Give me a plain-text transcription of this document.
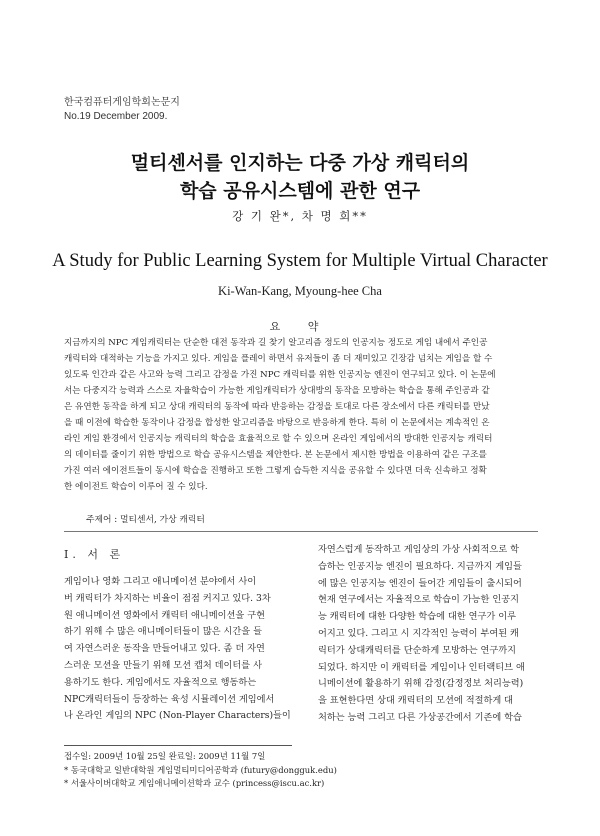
한국컴퓨터게임학회논문지
No.19 December 2009.
멀티센서를 인지하는 다중 가상 캐릭터의
학습 공유시스템에 관한 연구
강 기 완*, 차 명 희**
A Study for Public Learning System for Multiple Virtual Character
Ki-Wan-Kang, Myoung-hee Cha
요 약
지금까지의 NPC 게임캐릭터는 단순한 대전 동작과 길 찾기 알고리즘 정도의 인공지능 정도로 게임 내에서 주인공
캐릭터와 대적하는 기능을 가지고 있다. 게임을 플레이 하면서 유저들이 좀 더 재미있고 긴장감 넘치는 게임을 할 수
있도록 인간과 같은 사고와 능력 그리고 감정을 가진 NPC 캐릭터를 위한 인공지능 엔진이 연구되고 있다. 이 논문에
서는 다중지각 능력과 스스로 자율학습이 가능한 게임캐릭터가 상대방의 동작을 모방하는 학습을 통해 주인공과 같
은 유연한 동작을 하게 되고 상대 캐릭터의 동작에 따라 반응하는 감정을 토대로 다른 장소에서 다른 캐릭터를 만났
을 때 이전에 학습한 동작이나 감정을 합성한 알고리즘을 바탕으로 반응하게 한다. 특히 이 논문에서는 계속적인 온
라인 게임 환경에서 인공지능 캐릭터의 학습을 효율적으로 할 수 있으며 온라인 게임에서의 방대한 인공지능 캐릭터
의 데이터를 줄이기 위한 방법으로 학습 공유시스템을 제안한다. 본 논문에서 제시한 방법을 이용하여 같은 구조를
가진 여러 에이전트들이 동시에 학습을 진행하고 또한 그렇게 습득한 지식을 공유할 수 있다면 더욱 신속하고 정확
한 에이전트 학습이 이루어 질 수 있다.
주제어 : 멀티센서, 가상 캐릭터
I. 서 론
게임이나 영화 그리고 애니메이션 분야에서 사이
버 캐릭터가 차지하는 비율이 점점 커지고 있다. 3차
원 애니메이션 영화에서 캐릭터 애니메이션을 구현
하기 위해 수 많은 애니메이터들이 많은 시간을 들
여 자연스러운 동작을 만들어내고 있다. 좀 더 자연
스러운 모션을 만들기 위해 모션 캡처 데이터를 사
용하기도 한다. 게임에서도 자율적으로 행동하는
NPC캐릭터들이 등장하는 육성 시뮬레이션 게임에서
나 온라인 게임의 NPC (Non-Player Characters)들이
자연스럽게 동작하고 게임상의 가상 사회적으로 학
습하는 인공지능 엔진이 필요하다. 지금까지 게임들
에 많은 인공지능 엔진이 들어간 게임들이 출시되어
현재 연구에서는 자율적으로 학습이 가능한 인공지
능 캐릭터에 대한 다양한 학습에 대한 연구가 이루
어지고 있다. 그리고 시 지각적인 능력이 부여된 캐
릭터가 상대캐릭터를 단순하게 모방하는 연구까지
되었다. 하지만 이 캐릭터를 게임이나 인터랙티브 애
니메이션에 활용하기 위해 감정(감정정보 처리능력)
을 표현한다면 상대 캐릭터의 모션에 적절하게 대
처하는 능력 그리고 다른 가상공간에서 기존에 학습
접수일: 2009년 10월 25일 완료일: 2009년 11월 7일
* 동국대학교 일반대학원 게임멀티미디어공학과 (futury@dongguk.edu)
* 서울사이버대학교 게임애니메이션학과 교수 (princess@iscu.ac.kr)
